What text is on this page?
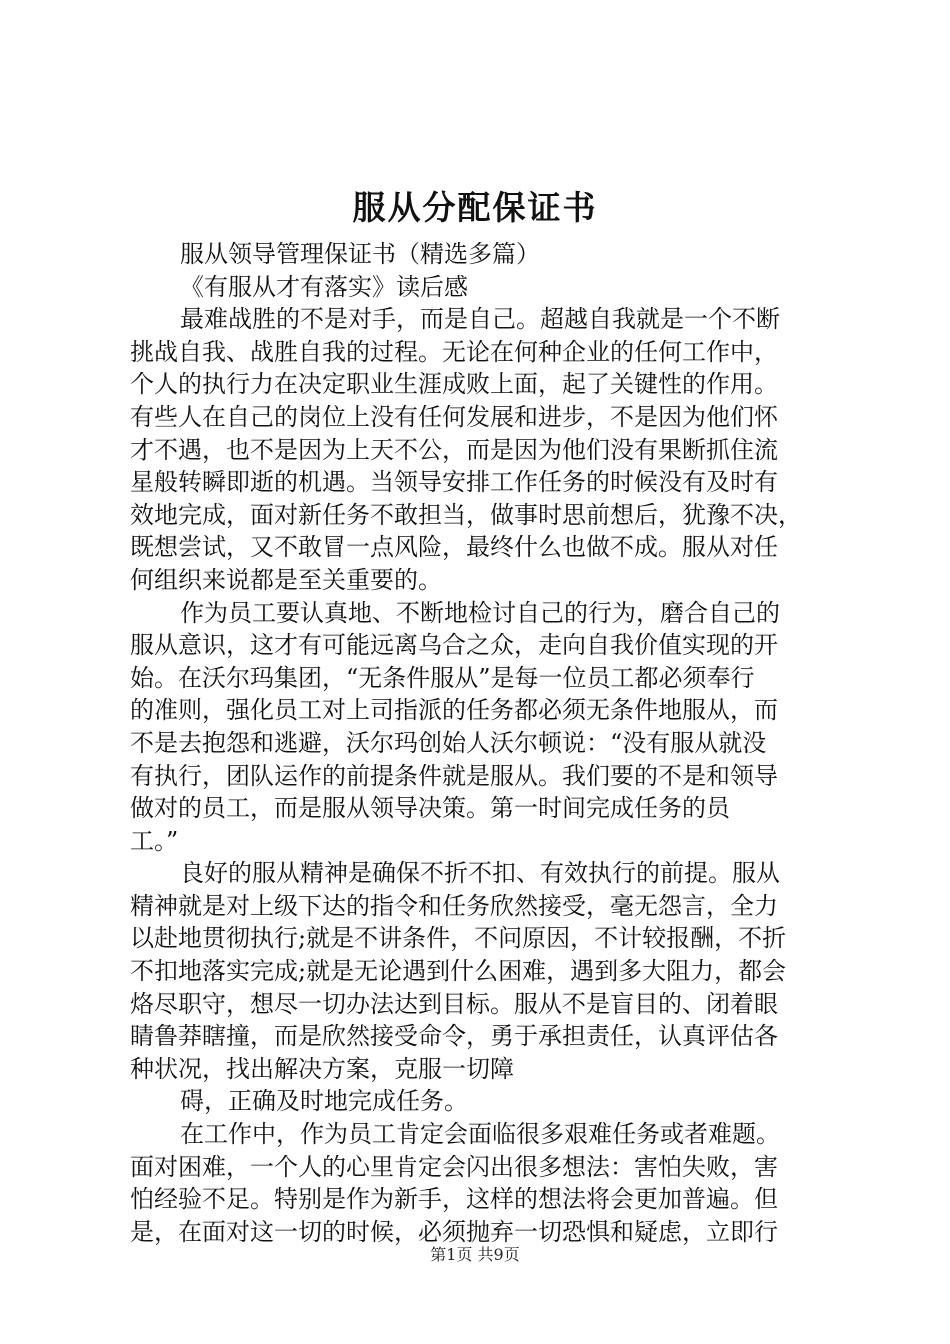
服从分配保证书
服从领导管理保证书（精选多篇）
《有服从才有落实》读后感
最难战胜的不是对手，而是自己。超越自我就是一个不断
挑战自我、战胜自我的过程。无论在何种企业的任何工作中，
个人的执行力在决定职业生涯成败上面，起了关键性的作用。
有些人在自己的岗位上没有任何发展和进步，不是因为他们怀
才不遇，也不是因为上天不公，而是因为他们没有果断抓住流
星般转瞬即逝的机遇。当领导安排工作任务的时候没有及时有
效地完成，面对新任务不敢担当，做事时思前想后，犹豫不决，
既想尝试，又不敢冒一点风险，最终什么也做不成。服从对任
何组织来说都是至关重要的。
作为员工要认真地、不断地检讨自己的行为，磨合自己的
服从意识，这才有可能远离乌合之众，走向自我价值实现的开
始。在沃尔玛集团，“无条件服从”是每一位员工都必须奉行
的准则，强化员工对上司指派的任务都必须无条件地服从，而
不是去抱怨和逃避，沃尔玛创始人沃尔顿说：“没有服从就没
有执行，团队运作的前提条件就是服从。我们要的不是和领导
做对的员工，而是服从领导决策。第一时间完成任务的员
工。”
良好的服从精神是确保不折不扣、有效执行的前提。服从
精神就是对上级下达的指令和任务欣然接受，毫无怨言，全力
以赴地贯彻执行;就是不讲条件，不问原因，不计较报酬，不折
不扣地落实完成;就是无论遇到什么困难，遇到多大阻力，都会
烙尽职守，想尽一切办法达到目标。服从不是盲目的、闭着眼
睛鲁莽瞎撞，而是欣然接受命令，勇于承担责任，认真评估各
种状况，找出解决方案，克服一切障
碍，正确及时地完成任务。
在工作中，作为员工肯定会面临很多艰难任务或者难题。
面对困难，一个人的心里肯定会闪出很多想法：害怕失败，害
怕经验不足。特别是作为新手，这样的想法将会更加普遍。但
是，在面对这一切的时候，必须抛弃一切恐惧和疑虑，立即行
第1页 共9页
